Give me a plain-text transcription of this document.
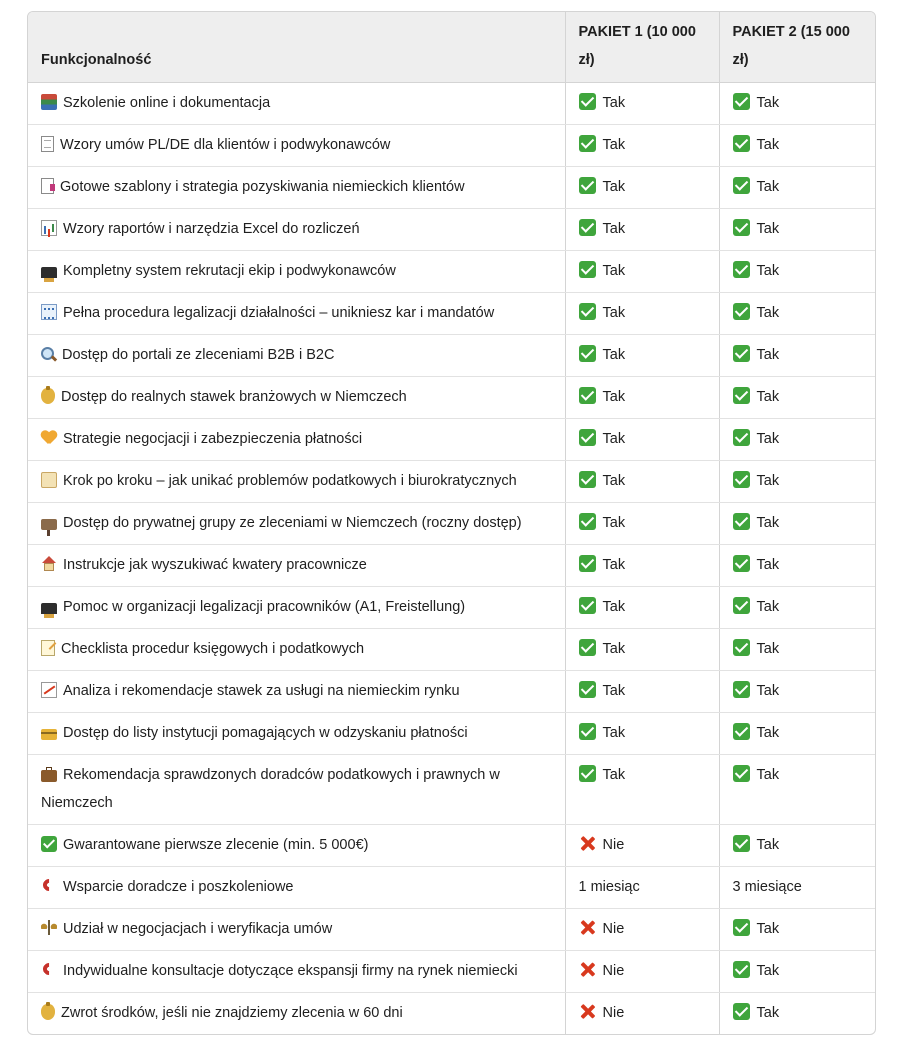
Funkcjonalność	PAKIET 1 (10 000 zł)	PAKIET 2 (15 000 zł)
Szkolenie online i dokumentacja	Tak	Tak
Wzory umów PL/DE dla klientów i podwykonawców	Tak	Tak
Gotowe szablony i strategia pozyskiwania niemieckich klientów	Tak	Tak
Wzory raportów i narzędzia Excel do rozliczeń	Tak	Tak
Kompletny system rekrutacji ekip i podwykonawców	Tak	Tak
Pełna procedura legalizacji działalności – unikniesz kar i mandatów	Tak	Tak
Dostęp do portali ze zleceniami B2B i B2C	Tak	Tak
Dostęp do realnych stawek branżowych w Niemczech	Tak	Tak
Strategie negocjacji i zabezpieczenia płatności	Tak	Tak
Krok po kroku – jak unikać problemów podatkowych i biurokratycznych	Tak	Tak
Dostęp do prywatnej grupy ze zleceniami w Niemczech (roczny dostęp)	Tak	Tak
Instrukcje jak wyszukiwać kwatery pracownicze	Tak	Tak
Pomoc w organizacji legalizacji pracowników (A1, Freistellung)	Tak	Tak
Checklista procedur księgowych i podatkowych	Tak	Tak
Analiza i rekomendacje stawek za usługi na niemieckim rynku	Tak	Tak
Dostęp do listy instytucji pomagających w odzyskaniu płatności	Tak	Tak
Rekomendacja sprawdzonych doradców podatkowych i prawnych w Niemczech	Tak	Tak
Gwarantowane pierwsze zlecenie (min. 5 000€)	Nie	Tak
Wsparcie doradcze i poszkoleniowe	1 miesiąc	3 miesiące
Udział w negocjacjach i weryfikacja umów	Nie	Tak
Indywidualne konsultacje dotyczące ekspansji firmy na rynek niemiecki	Nie	Tak
Zwrot środków, jeśli nie znajdziemy zlecenia w 60 dni	Nie	Tak
